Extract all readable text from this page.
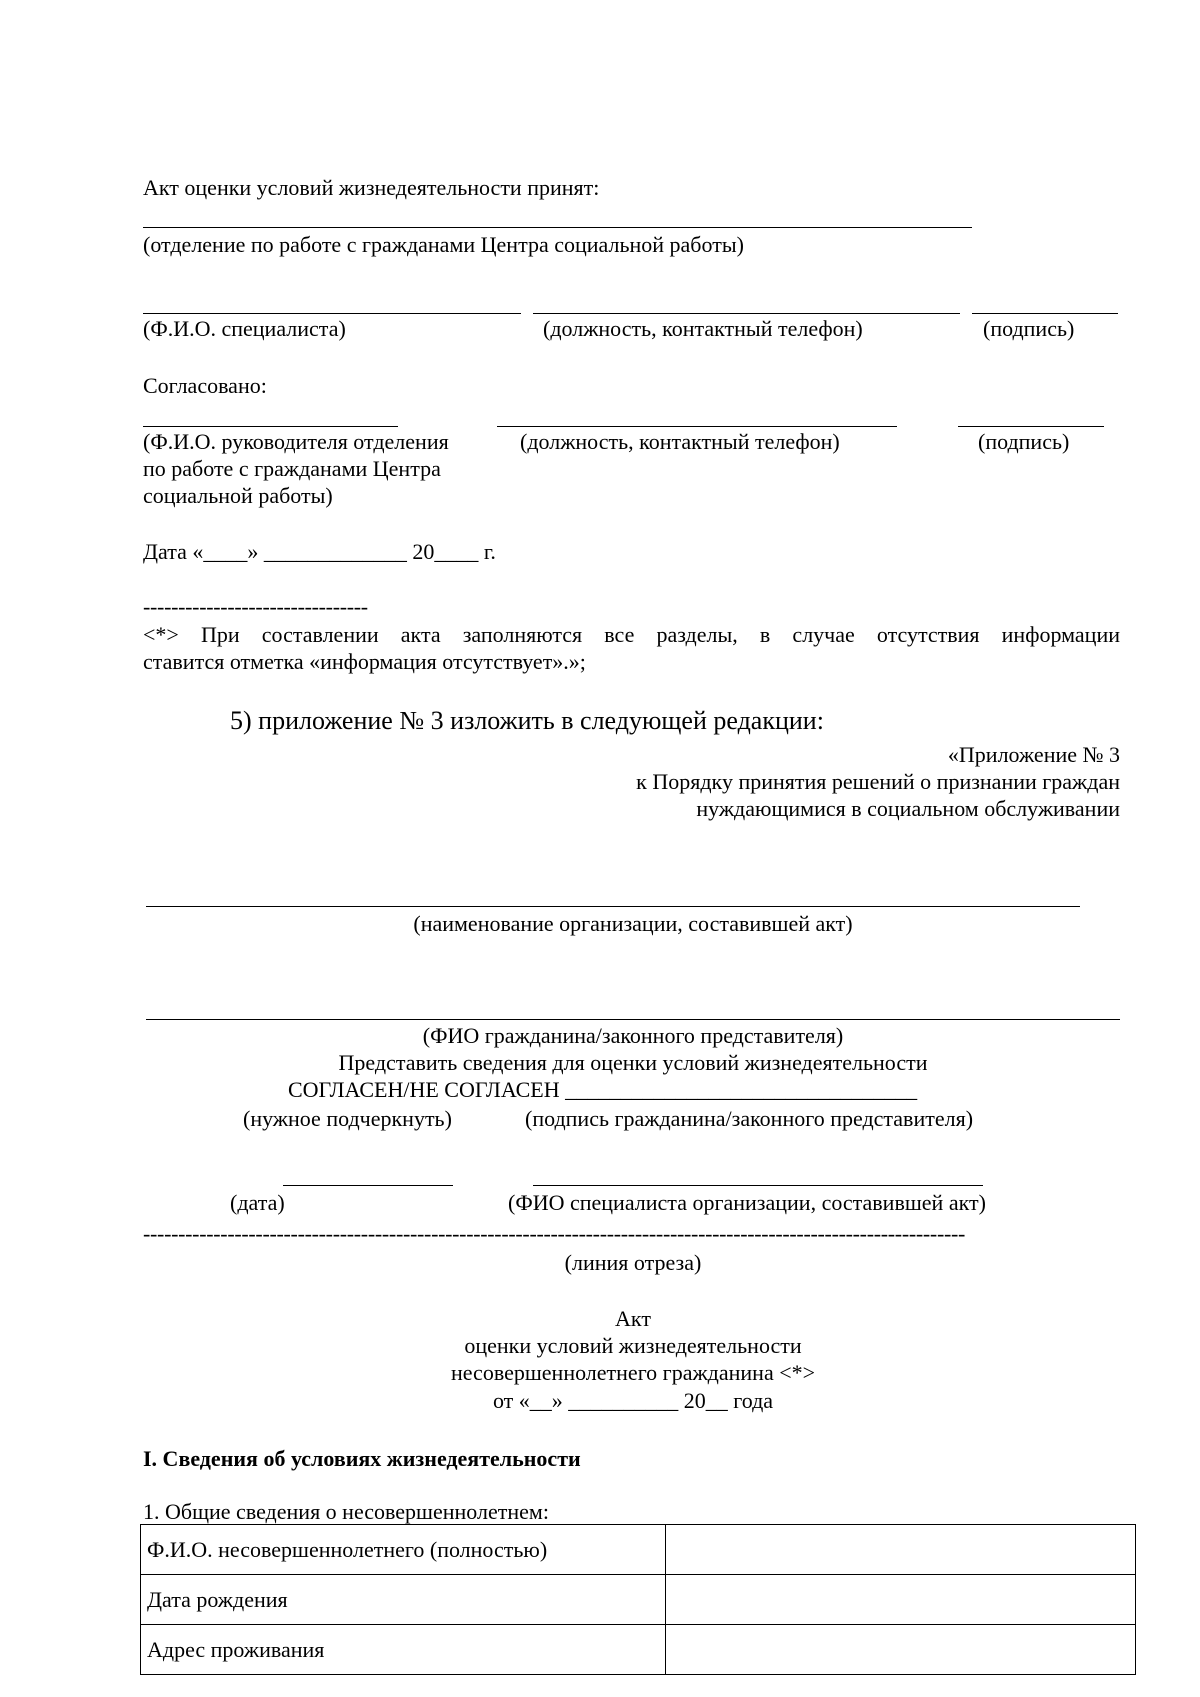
Акт оценки условий жизнедеятельности принят:
(отделение по работе с гражданами Центра социальной работы)
(Ф.И.О. специалиста)	(должность, контактный телефон)	(подпись)
Согласовано:
(Ф.И.О. руководителя отделения
по работе с гражданами Центра
социальной работы)
(должность, контактный телефон)	(подпись)
Дата «____» _____________ 20____ г.
--------------------------------
<*> При составлении акта заполняются все разделы, в случае отсутствия информации
ставится отметка «информация отсутствует».»;
5) приложение № 3 изложить в следующей редакции:
«Приложение № 3
к Порядку принятия решений о признании граждан
нуждающимися в социальном обслуживании
(наименование организации, составившей акт)
(ФИО гражданина/законного представителя)
Представить сведения для оценки условий жизнедеятельности
СОГЛАСЕН/НЕ СОГЛАСЕН ________________________________
(нужное подчеркнуть)	(подпись гражданина/законного представителя)
(дата)	(ФИО специалиста организации, составившей акт)
---------------------------------------------------------------------------------------------------------------------
(линия отреза)
Акт
оценки условий жизнедеятельности
несовершеннолетнего гражданина <*>
от «__» __________ 20__ года
I. Сведения об условиях жизнедеятельности
1. Общие сведения о несовершеннолетнем:
Ф.И.О. несовершеннолетнего (полностью)	
Дата рождения	
Адрес проживания	
